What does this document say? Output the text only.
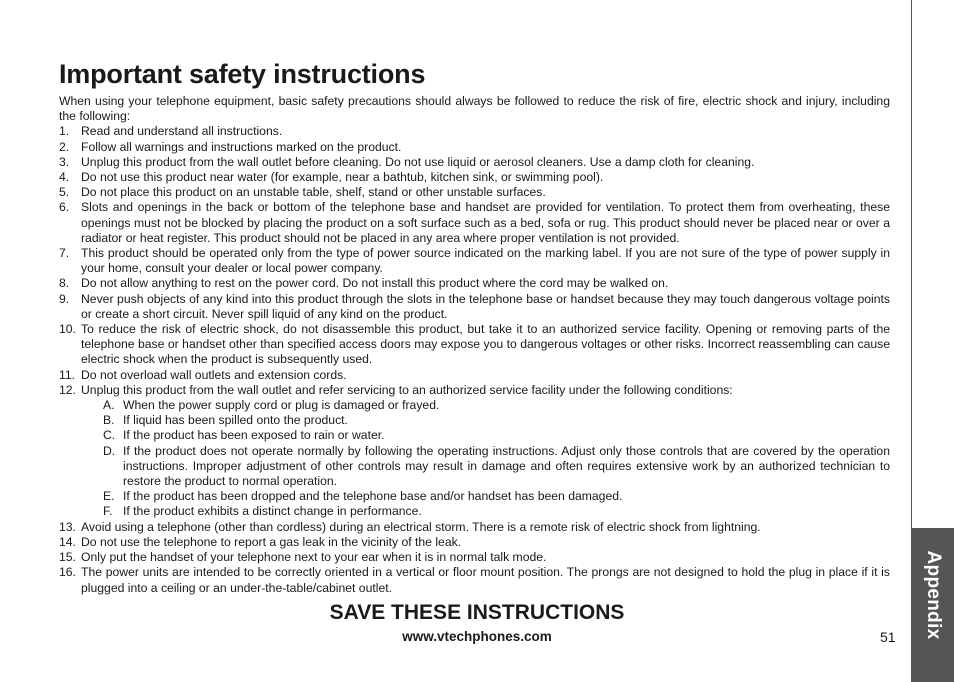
Appendix
Important safety instructions

When using your telephone equipment, basic safety precautions should always be followed to reduce the risk of fire, electric shock and injury, including the following:

1. Read and understand all instructions.
2. Follow all warnings and instructions marked on the product.
3. Unplug this product from the wall outlet before cleaning. Do not use liquid or aerosol cleaners. Use a damp cloth for cleaning.
4. Do not use this product near water (for example, near a bathtub, kitchen sink, or swimming pool).
5. Do not place this product on an unstable table, shelf, stand or other unstable surfaces.
6. Slots and openings in the back or bottom of the telephone base and handset are provided for ventilation. To protect them from overheating, these openings must not be blocked by placing the product on a soft surface such as a bed, sofa or rug. This product should never be placed near or over a radiator or heat register. This product should not be placed in any area where proper ventilation is not provided.
7. This product should be operated only from the type of power source indicated on the marking label. If you are not sure of the type of power supply in your home, consult your dealer or local power company.
8. Do not allow anything to rest on the power cord. Do not install this product where the cord may be walked on.
9. Never push objects of any kind into this product through the slots in the telephone base or handset because they may touch dangerous voltage points or create a short circuit. Never spill liquid of any kind on the product.
10. To reduce the risk of electric shock, do not disassemble this product, but take it to an authorized service facility. Opening or removing parts of the telephone base or handset other than specified access doors may expose you to dangerous voltages or other risks. Incorrect reassembling can cause electric shock when the product is subsequently used.
11. Do not overload wall outlets and extension cords.
12. Unplug this product from the wall outlet and refer servicing to an authorized service facility under the following conditions:
A. When the power supply cord or plug is damaged or frayed.
B. If liquid has been spilled onto the product.
C. If the product has been exposed to rain or water.
D. If the product does not operate normally by following the operating instructions. Adjust only those controls that are covered by the operation instructions. Improper adjustment of other controls may result in damage and often requires extensive work by an authorized technician to restore the product to normal operation.
E. If the product has been dropped and the telephone base and/or handset has been damaged.
F. If the product exhibits a distinct change in performance.
13. Avoid using a telephone (other than cordless) during an electrical storm. There is a remote risk of electric shock from lightning.
14. Do not use the telephone to report a gas leak in the vicinity of the leak.
15. Only put the handset of your telephone next to your ear when it is in normal talk mode.
16. The power units are intended to be correctly oriented in a vertical or floor mount position. The prongs are not designed to hold the plug in place if it is plugged into a ceiling or an under-the-table/cabinet outlet.
SAVE THESE INSTRUCTIONS
www.vtechphones.com	51
